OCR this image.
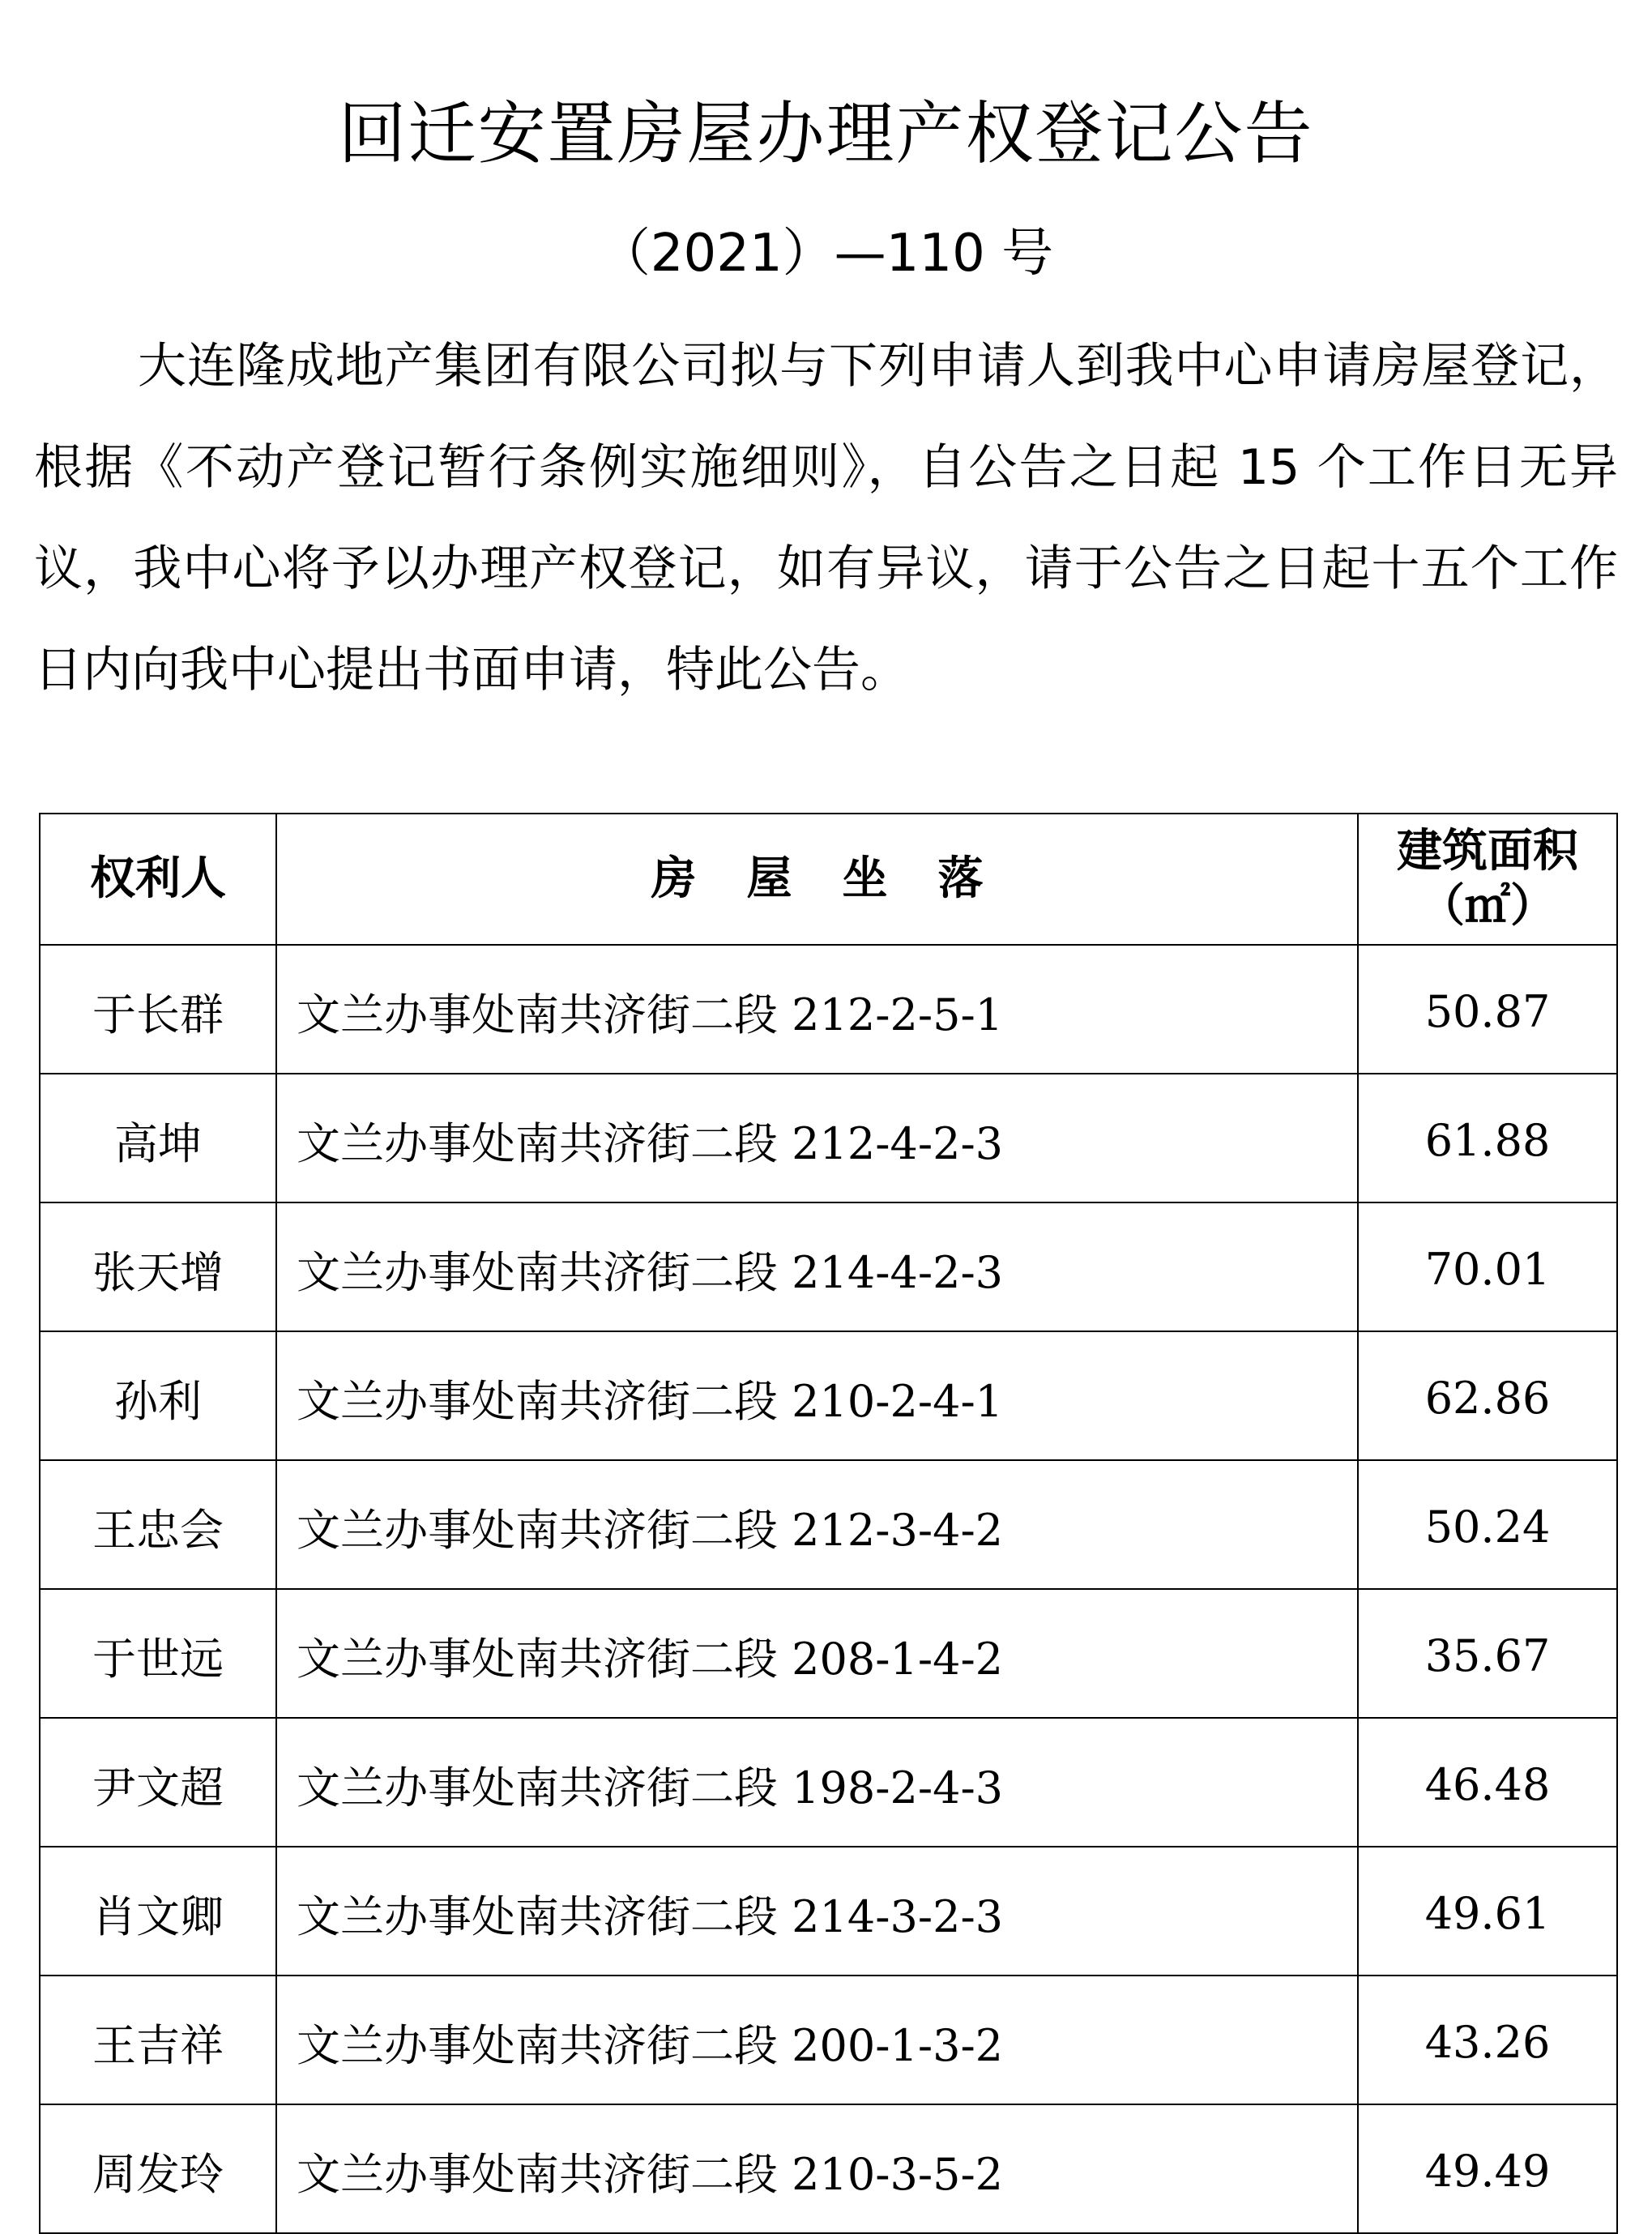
回迁安置房屋办理产权登记公告
（2021）—110 号

大连隆成地产集团有限公司拟与下列申请人到我中心申请房屋登记，根据《不动产登记暂行条例实施细则》，自公告之日起 15 个工作日无异议，我中心将予以办理产权登记，如有异议，请于公告之日起十五个工作日内向我中心提出书面申请，特此公告。

权利人	房屋坐落	建筑面积
（㎡）

于长群	文兰办事处南共济街二段 212-2-5-1	50.87
高坤	文兰办事处南共济街二段 212-4-2-3	61.88
张天增	文兰办事处南共济街二段 214-4-2-3	70.01
孙利	文兰办事处南共济街二段 210-2-4-1	62.86
王忠会	文兰办事处南共济街二段 212-3-4-2	50.24
于世远	文兰办事处南共济街二段 208-1-4-2	35.67
尹文超	文兰办事处南共济街二段 198-2-4-3	46.48
肖文卿	文兰办事处南共济街二段 214-3-2-3	49.61
王吉祥	文兰办事处南共济街二段 200-1-3-2	43.26
周发玲	文兰办事处南共济街二段 210-3-5-2	49.49
